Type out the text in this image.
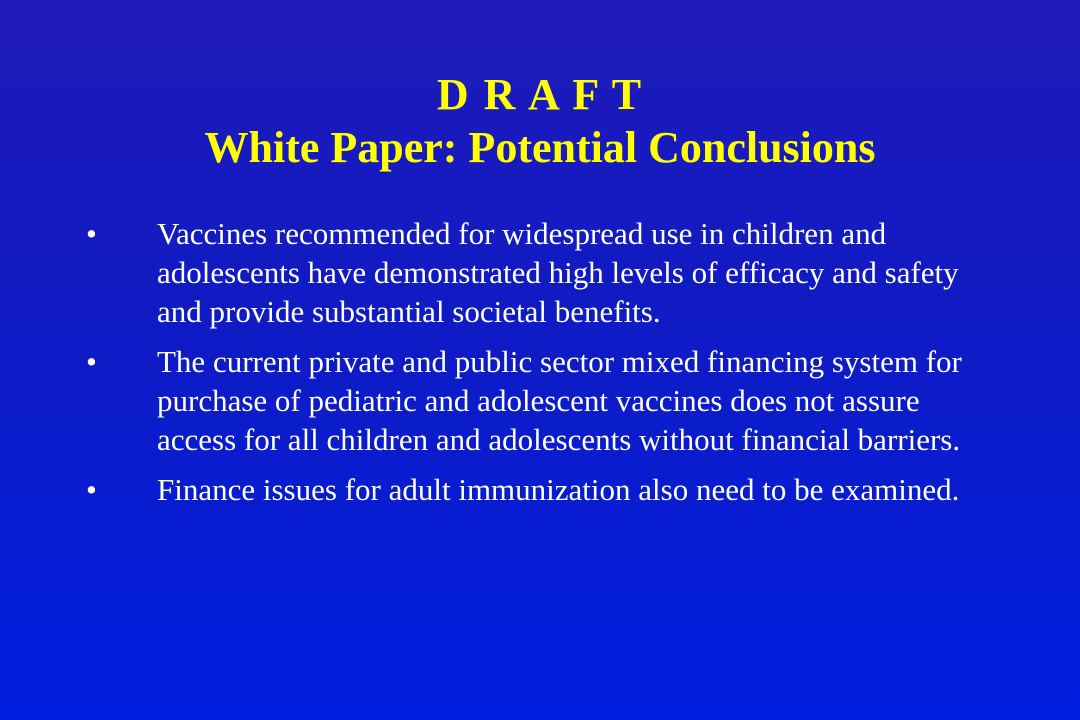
D R A F T
White Paper: Potential Conclusions
•	Vaccines recommended for widespread use in children and adolescents have demonstrated high levels of efficacy and safety and provide substantial societal benefits.
•	The current private and public sector mixed financing system for purchase of pediatric and adolescent vaccines does not assure access for all children and adolescents without financial barriers.
•	Finance issues for adult immunization also need to be examined.
